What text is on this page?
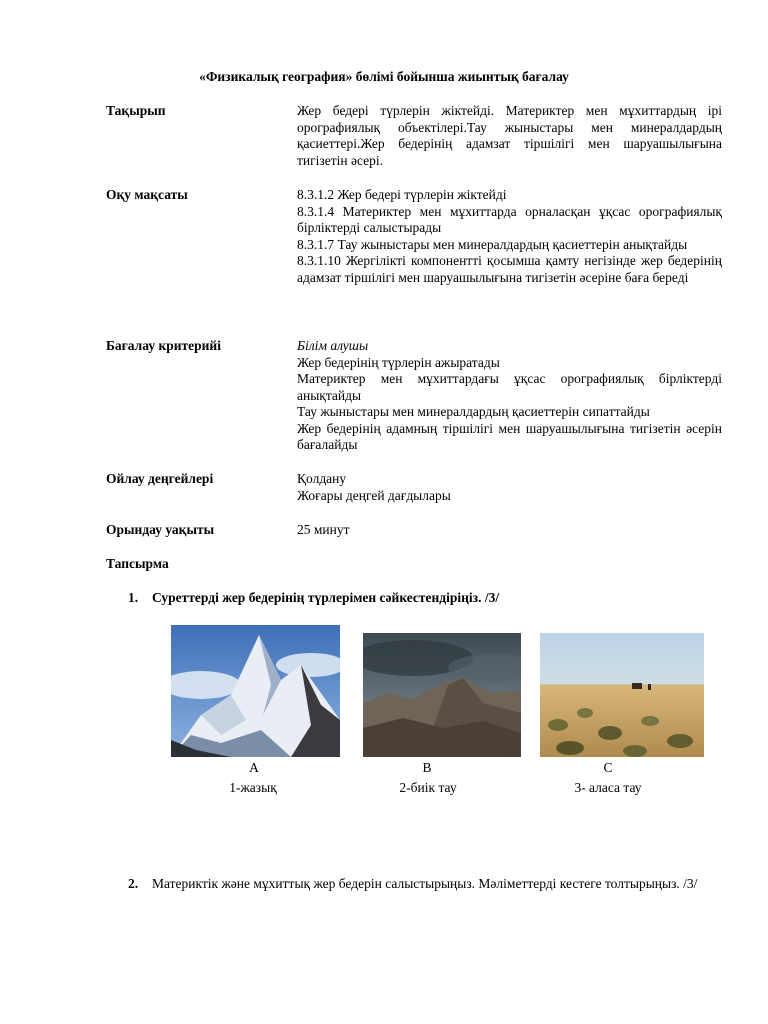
«Физикалық география» бөлімі бойынша жиынтық бағалау
Тақырып	Жер бедері түрлерін жіктейді. Материктер мен мұхиттардың ірі орографиялық объектілері.Тау жыныстары мен минералдардың қасиеттері.Жер бедерінің адамзат тіршілігі мен шаруашылығына тигізетін әсері.

Оқу мақсаты	8.3.1.2 Жер бедері түрлерін жіктейді

8.3.1.4 Материктер мен мұхиттарда орналасқан ұқсас орографиялық бірліктерді салыстырады

8.3.1.7 Тау жыныстары мен минералдардың қасиеттерін анықтайды

8.3.1.10 Жергілікті компонентті қосымша қамту негізінде жер бедерінің адамзат тіршілігі мен шаруашылығына тигізетін әсеріне баға береді

Бағалау критерийі	Білім алушы

Жер бедерінің түрлерін ажыратады

Материктер мен мұхиттардағы ұқсас орографиялық бірліктерді анықтайды

Тау жыныстары мен минералдардың қасиеттерін сипаттайды

Жер бедерінің адамның тіршілігі мен шаруашылығына тигізетін әсерін бағалайды

Ойлау деңгейлері	Қолдану

Жоғары деңгей дағдылары

Орындау уақыты	25 минут

Тапсырма
1. Суреттерді жер бедерінің түрлерімен сәйкестендіріңіз. /3/
A	B	C
1-жазық	2-биік тау	3- аласа тау
2. Материктік және мұхиттық жер бедерін салыстырыңыз. Мәліметтерді кестеге толтырыңыз. /3/
